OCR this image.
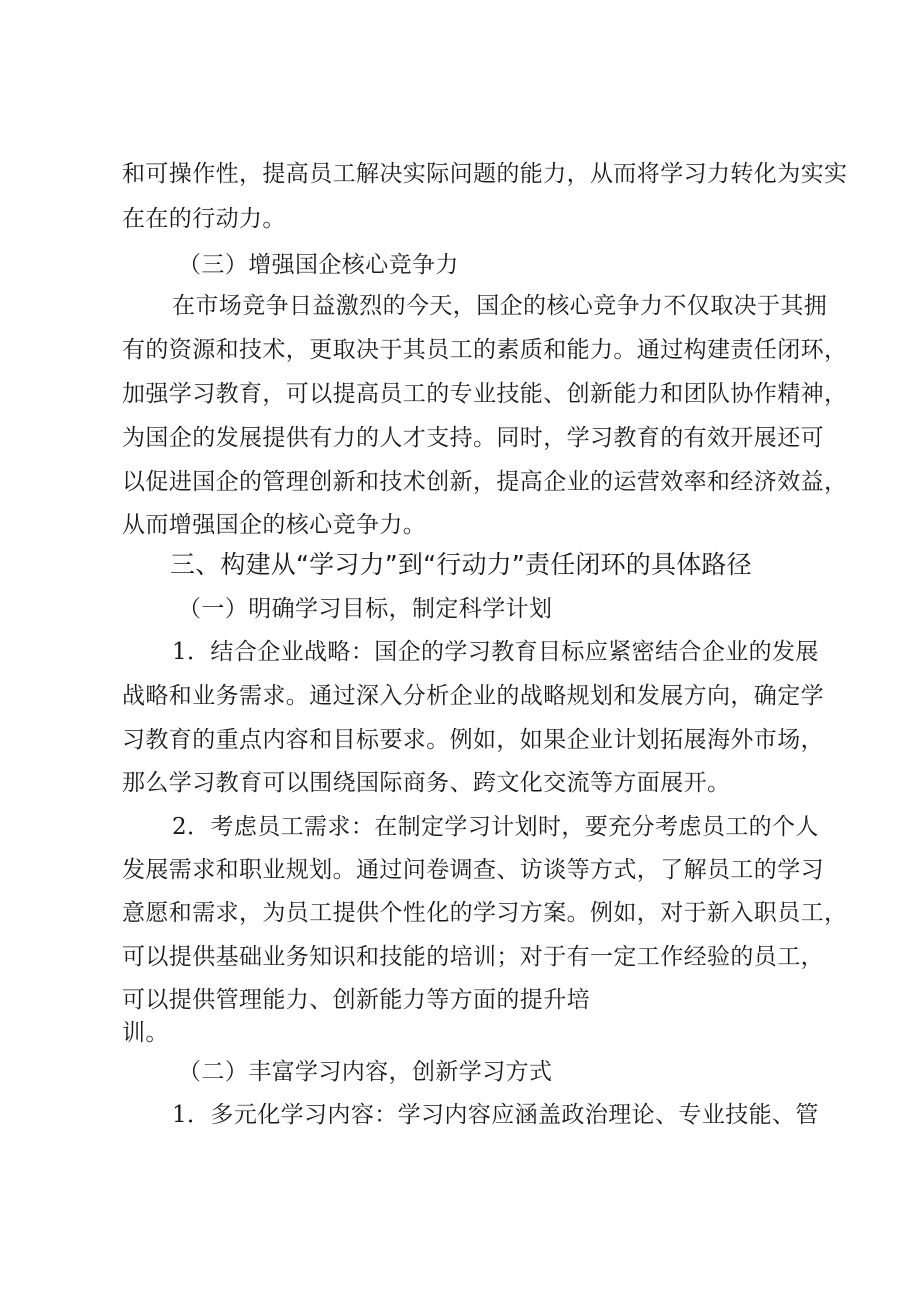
和可操作性，提高员工解决实际问题的能力，从而将学习力转化为实实
在在的行动力。
（三）增强国企核心竞争力
在市场竞争日益激烈的今天，国企的核心竞争力不仅取决于其拥
有的资源和技术，更取决于其员工的素质和能力。通过构建责任闭环，
加强学习教育，可以提高员工的专业技能、创新能力和团队协作精神，
为国企的发展提供有力的人才支持。同时，学习教育的有效开展还可
以促进国企的管理创新和技术创新，提高企业的运营效率和经济效益，
从而增强国企的核心竞争力。
三、构建从“学习力”到“行动力”责任闭环的具体路径
（一）明确学习目标，制定科学计划
1．结合企业战略：国企的学习教育目标应紧密结合企业的发展
战略和业务需求。通过深入分析企业的战略规划和发展方向，确定学
习教育的重点内容和目标要求。例如，如果企业计划拓展海外市场，
那么学习教育可以围绕国际商务、跨文化交流等方面展开。
2．考虑员工需求：在制定学习计划时，要充分考虑员工的个人
发展需求和职业规划。通过问卷调查、访谈等方式，了解员工的学习
意愿和需求，为员工提供个性化的学习方案。例如，对于新入职员工，
可以提供基础业务知识和技能的培训；对于有一定工作经验的员工，
可以提供管理能力、创新能力等方面的提升培
训。
（二）丰富学习内容，创新学习方式
1．多元化学习内容：学习内容应涵盖政治理论、专业技能、管
